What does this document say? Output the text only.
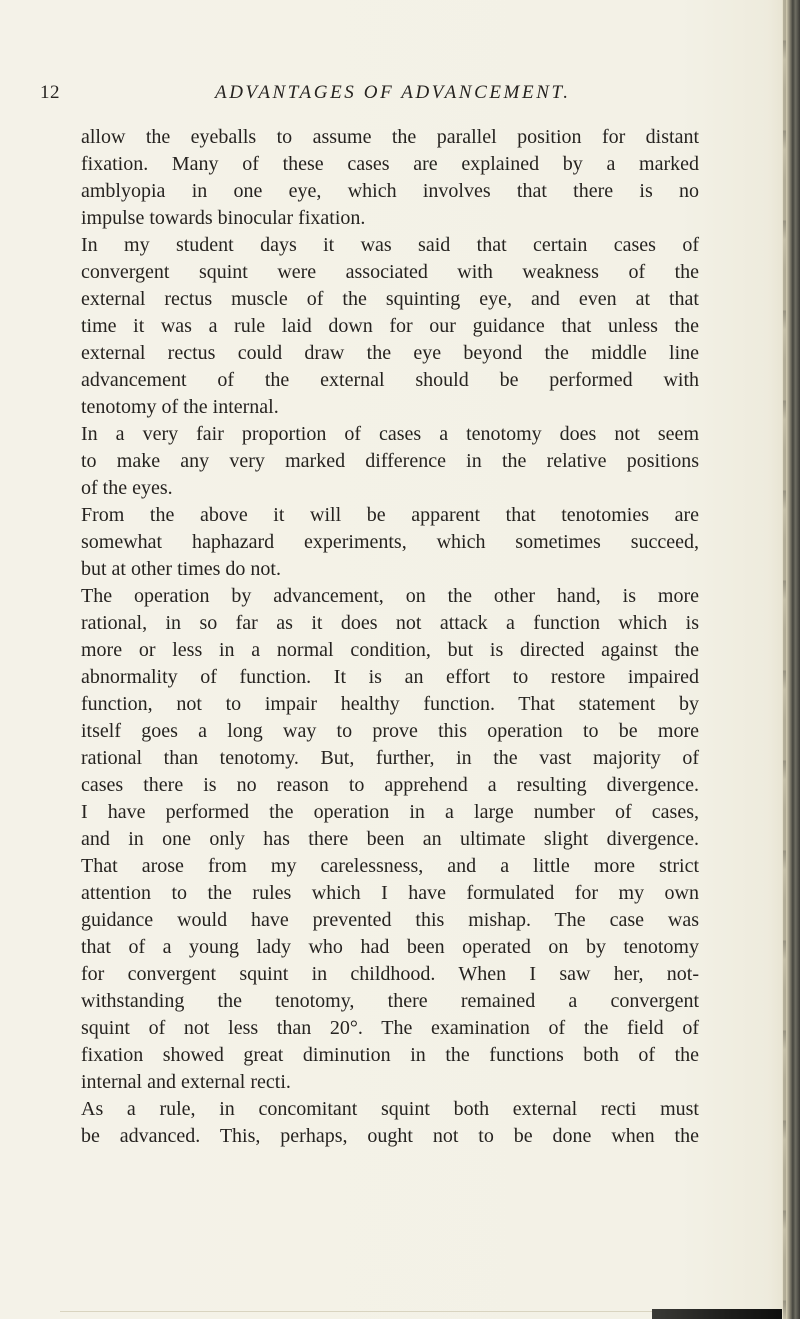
12	ADVANTAGES OF ADVANCEMENT.
allow the eyeballs to assume the parallel position for distant
fixation. Many of these cases are explained by a marked
amblyopia in one eye, which involves that there is no
impulse towards binocular fixation.
In my student days it was said that certain cases of
convergent squint were associated with weakness of the
external rectus muscle of the squinting eye, and even at that
time it was a rule laid down for our guidance that unless the
external rectus could draw the eye beyond the middle line
advancement of the external should be performed with
tenotomy of the internal.
In a very fair proportion of cases a tenotomy does not seem
to make any very marked difference in the relative positions
of the eyes.
From the above it will be apparent that tenotomies are
somewhat haphazard experiments, which sometimes succeed,
but at other times do not.
The operation by advancement, on the other hand, is more
rational, in so far as it does not attack a function which is
more or less in a normal condition, but is directed against the
abnormality of function. It is an effort to restore impaired
function, not to impair healthy function. That statement by
itself goes a long way to prove this operation to be more
rational than tenotomy. But, further, in the vast majority of
cases there is no reason to apprehend a resulting divergence.
I have performed the operation in a large number of cases,
and in one only has there been an ultimate slight divergence.
That arose from my carelessness, and a little more strict
attention to the rules which I have formulated for my own
guidance would have prevented this mishap. The case was
that of a young lady who had been operated on by tenotomy
for convergent squint in childhood. When I saw her, not-
withstanding the tenotomy, there remained a convergent
squint of not less than 20°. The examination of the field of
fixation showed great diminution in the functions both of the
internal and external recti.
As a rule, in concomitant squint both external recti must
be advanced. This, perhaps, ought not to be done when the
